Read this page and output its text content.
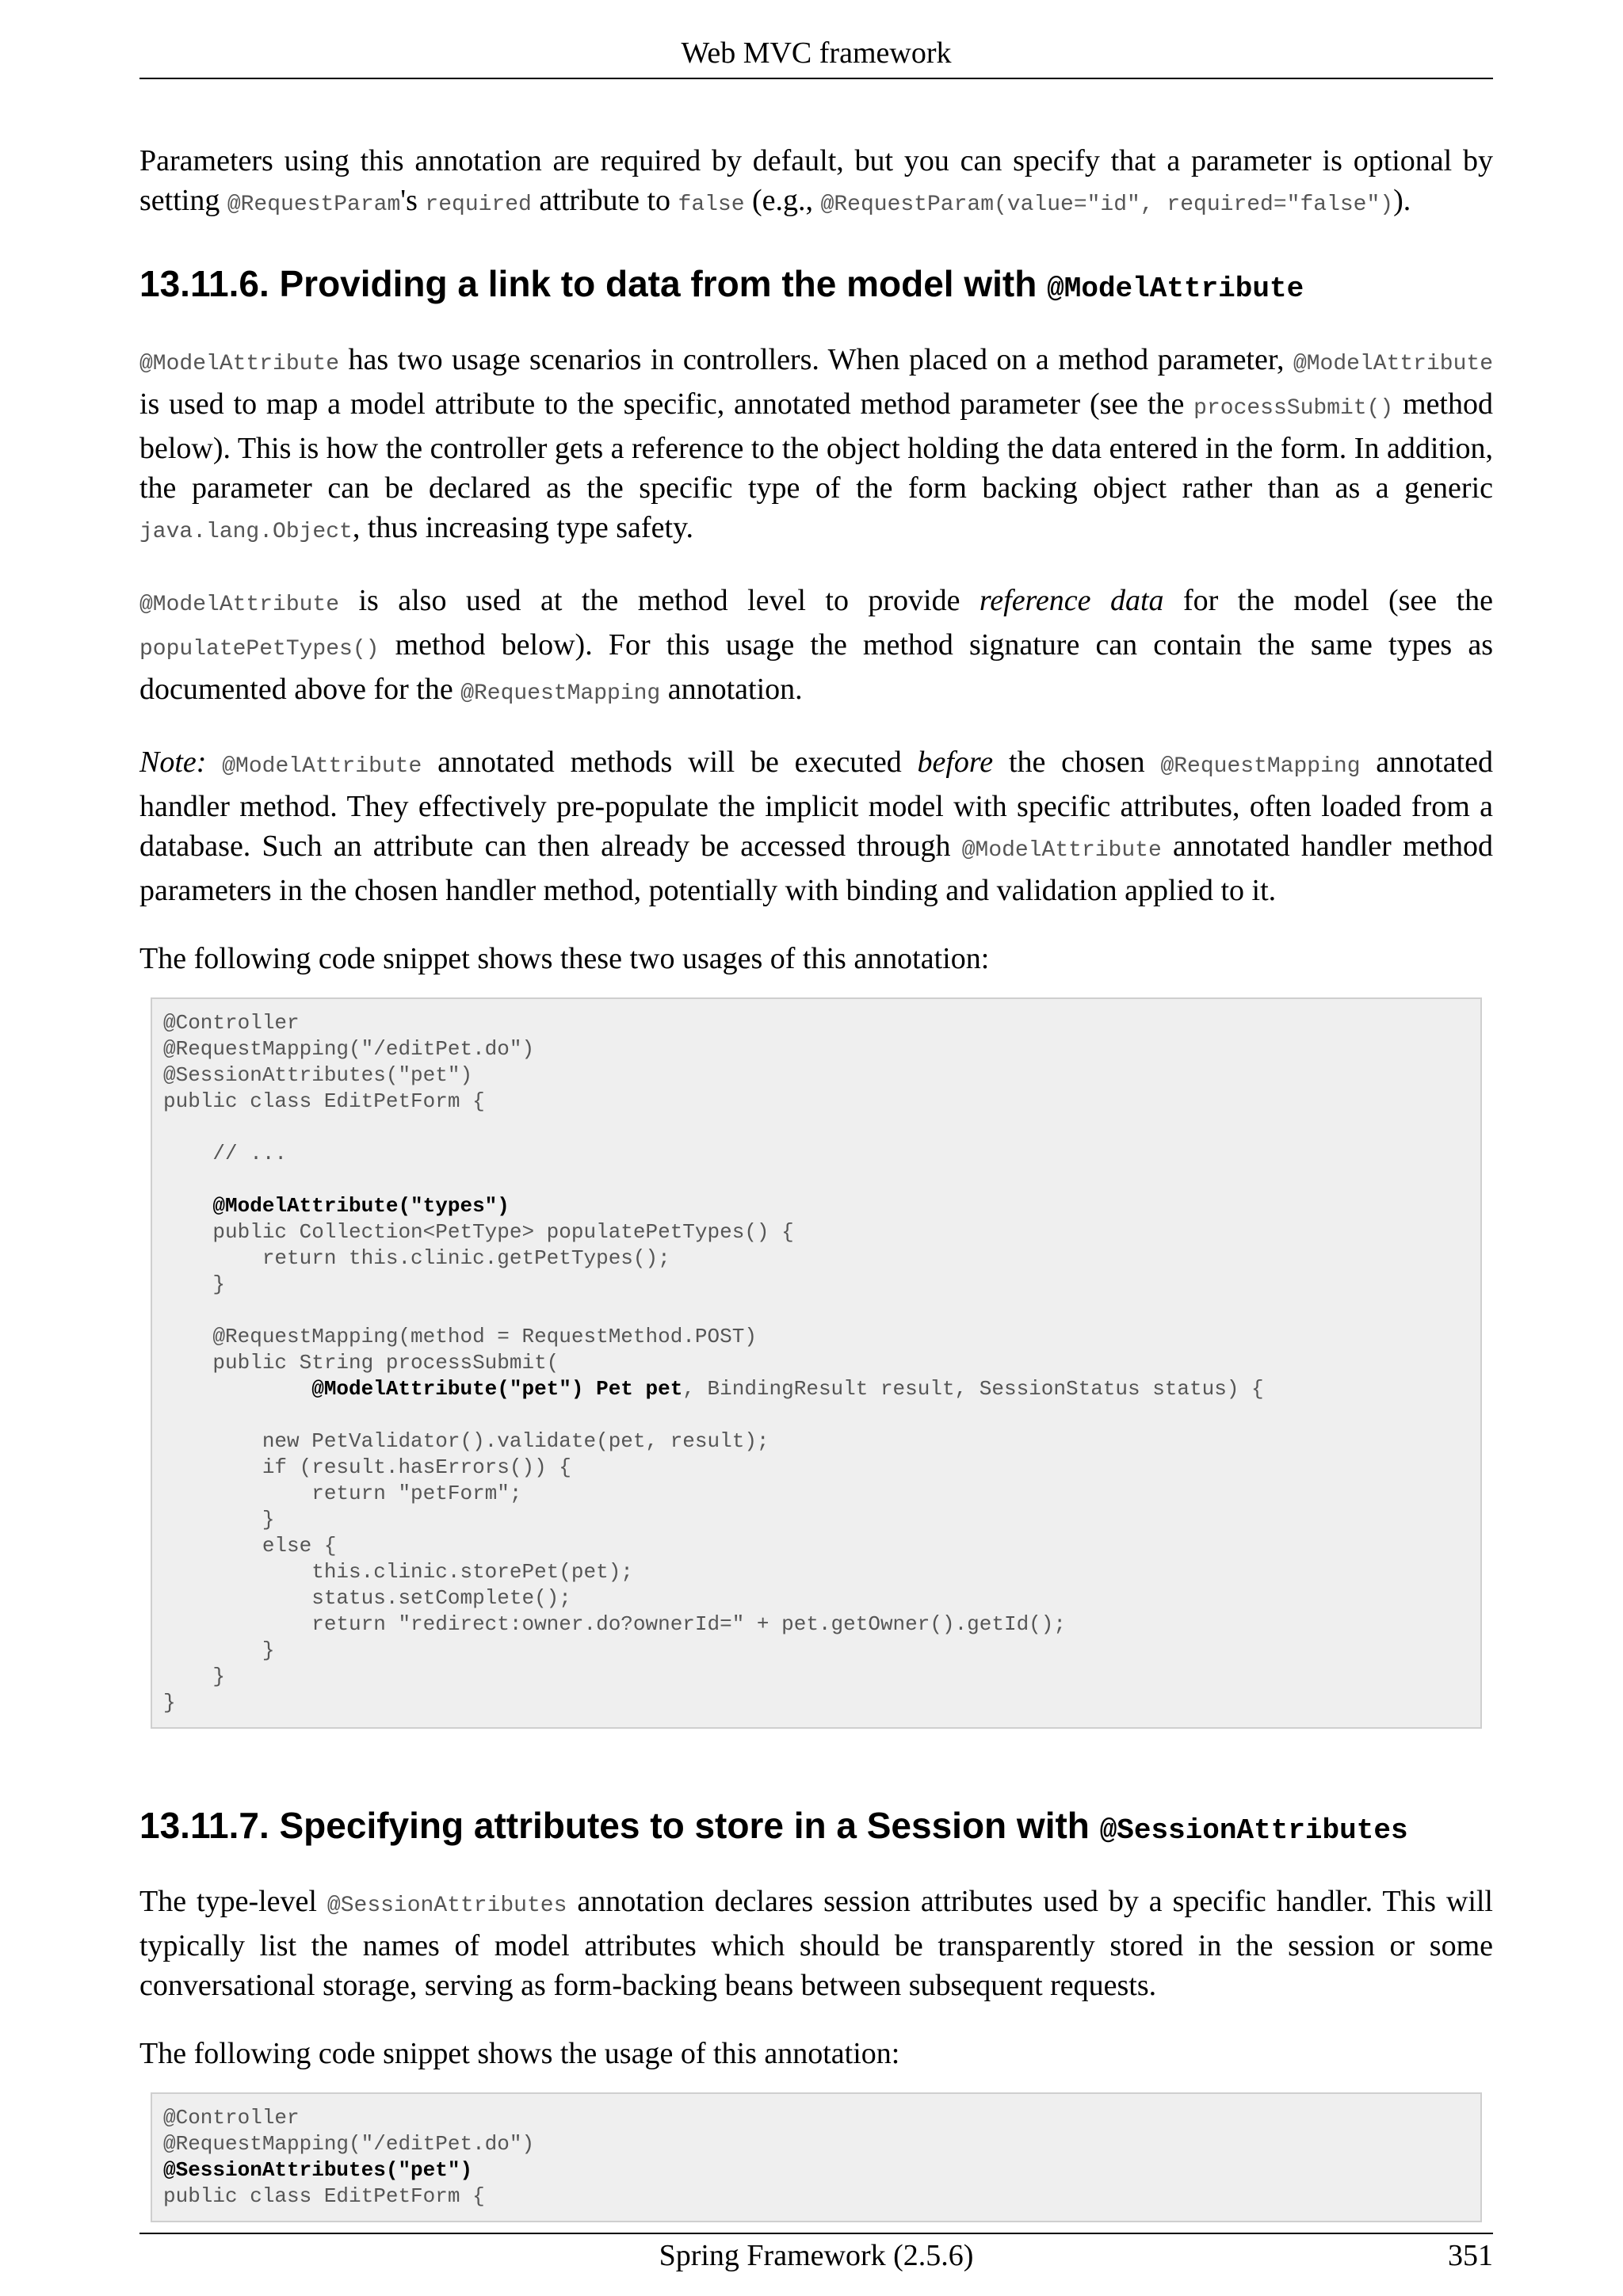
Web MVC framework

Parameters using this annotation are required by default, but you can specify that a parameter is optional by setting @RequestParam's required attribute to false (e.g., @RequestParam(value="id", required="false")).

13.11.6. Providing a link to data from the model with @ModelAttribute

@ModelAttribute has two usage scenarios in controllers. When placed on a method parameter, @ModelAttribute is used to map a model attribute to the specific, annotated method parameter (see the processSubmit() method below). This is how the controller gets a reference to the object holding the data entered in the form. In addition, the parameter can be declared as the specific type of the form backing object rather than as a generic java.lang.Object, thus increasing type safety.

@ModelAttribute is also used at the method level to provide reference data for the model (see the populatePetTypes() method below). For this usage the method signature can contain the same types as documented above for the @RequestMapping annotation.

Note: @ModelAttribute annotated methods will be executed before the chosen @RequestMapping annotated handler method. They effectively pre-populate the implicit model with specific attributes, often loaded from a database. Such an attribute can then already be accessed through @ModelAttribute annotated handler method parameters in the chosen handler method, potentially with binding and validation applied to it.

The following code snippet shows these two usages of this annotation:

@Controller
@RequestMapping("/editPet.do")
@SessionAttributes("pet")
public class EditPetForm {
// ...
@ModelAttribute("types")
public Collection<PetType> populatePetTypes() {
return this.clinic.getPetTypes();
}
@RequestMapping(method = RequestMethod.POST)
public String processSubmit(
@ModelAttribute("pet") Pet pet, BindingResult result, SessionStatus status) {
new PetValidator().validate(pet, result);
if (result.hasErrors()) {
return "petForm";
}
else {
this.clinic.storePet(pet);
status.setComplete();
return "redirect:owner.do?ownerId=" + pet.getOwner().getId();
}
}
}
13.11.7. Specifying attributes to store in a Session with @SessionAttributes

The type-level @SessionAttributes annotation declares session attributes used by a specific handler. This will typically list the names of model attributes which should be transparently stored in the session or some conversational storage, serving as form-backing beans between subsequent requests.

The following code snippet shows the usage of this annotation:

@Controller
@RequestMapping("/editPet.do")
@SessionAttributes("pet")
public class EditPetForm {
Spring Framework (2.5.6)	351
